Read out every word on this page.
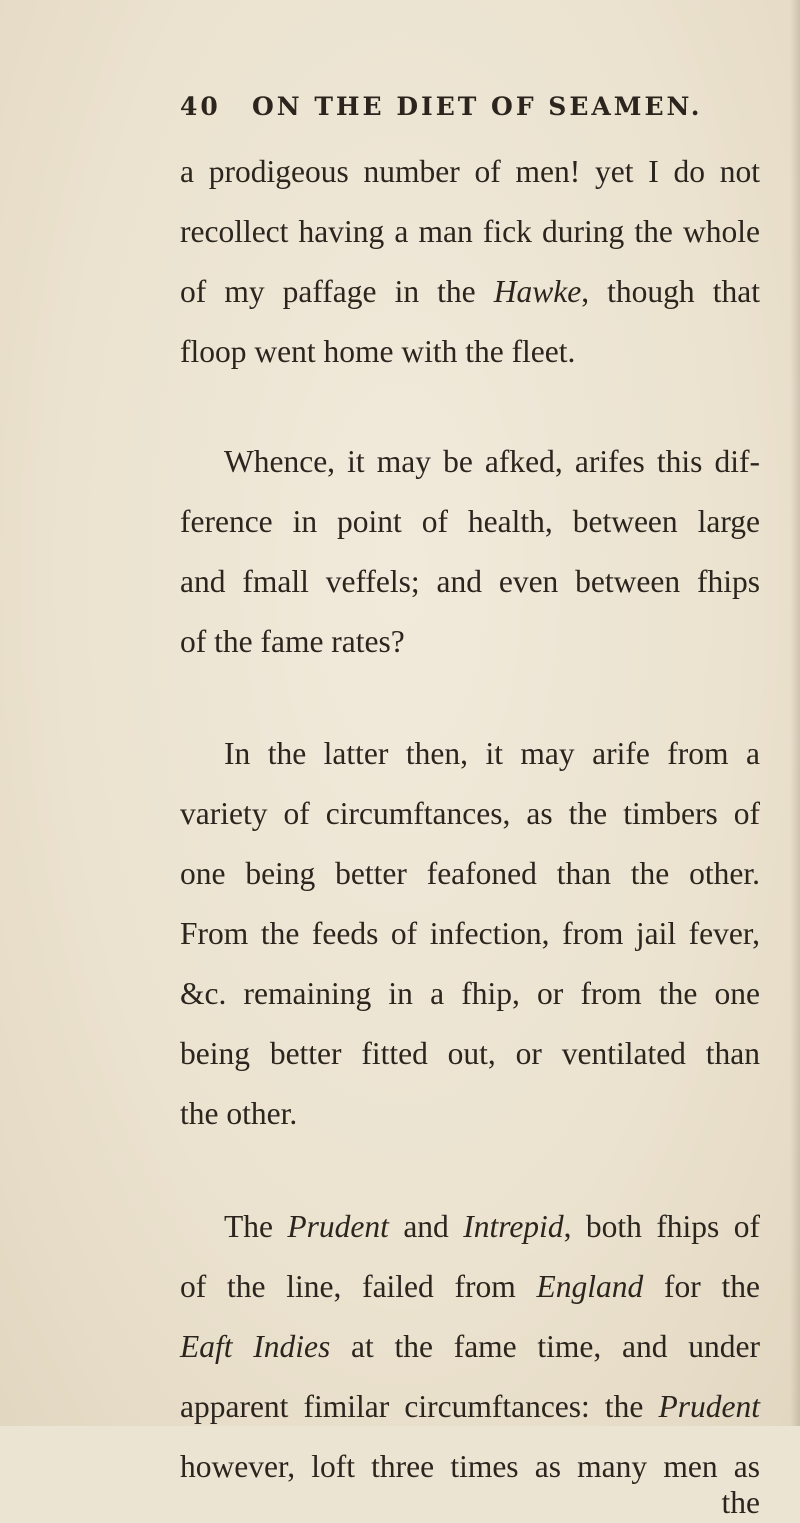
40 ON THE DIET OF SEAMEN.
a prodigeous number of men! yet I do not
recollect having a man fick during the whole
of my paffage in the Hawke, though that
floop went home with the fleet.
Whence, it may be afked, arifes this dif-
ference in point of health, between large
and fmall veffels; and even between fhips
of the fame rates?
In the latter then, it may arife from a
variety of circumftances, as the timbers of
one being better feafoned than the other.
From the feeds of infection, from jail fever,
&c. remaining in a fhip, or from the one
being better fitted out, or ventilated than
the other.
The Prudent and Intrepid, both fhips of
of the line, failed from England for the
Eaft Indies at the fame time, and under
apparent fimilar circumftances: the Prudent
however, loft three times as many men as
the
